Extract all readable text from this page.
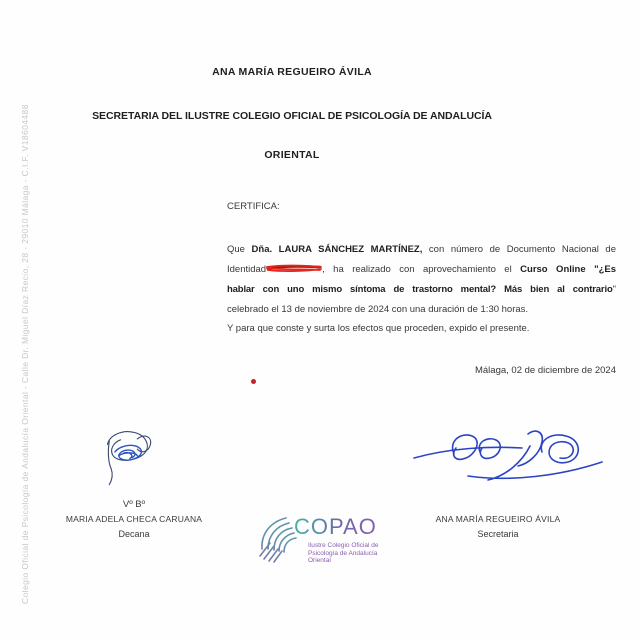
Colegio Oficial de Psicología de Andalucía Oriental - Calle Dr. Miguel Díaz Recio, 28 - 29010 Málaga - C.I.F. V18604488
ANA MARÍA REGUEIRO ÁVILA
SECRETARIA DEL ILUSTRE COLEGIO OFICIAL DE PSICOLOGÍA DE ANDALUCÍA
ORIENTAL
CERTIFICA:
Que Dña. LAURA SÁNCHEZ MARTÍNEZ, con número de Documento Nacional de
Identidad	, ha realizado con aprovechamiento el Curso Online "¿Es
hablar con uno mismo síntoma de trastorno mental? Más bien al contrario"
celebrado el 13 de noviembre de 2024 con una duración de 1:30 horas.
Y para que conste y surta los efectos que proceden, expido el presente.
Málaga, 02 de diciembre de 2024
Vº Bº
MARIA ADELA CHECA CARUANA
Decana
ANA MARÍA REGUEIRO ÁVILA
Secretaria
COPAO
Ilustre Colegio Oficial de
Psicología de Andalucía
Oriental
